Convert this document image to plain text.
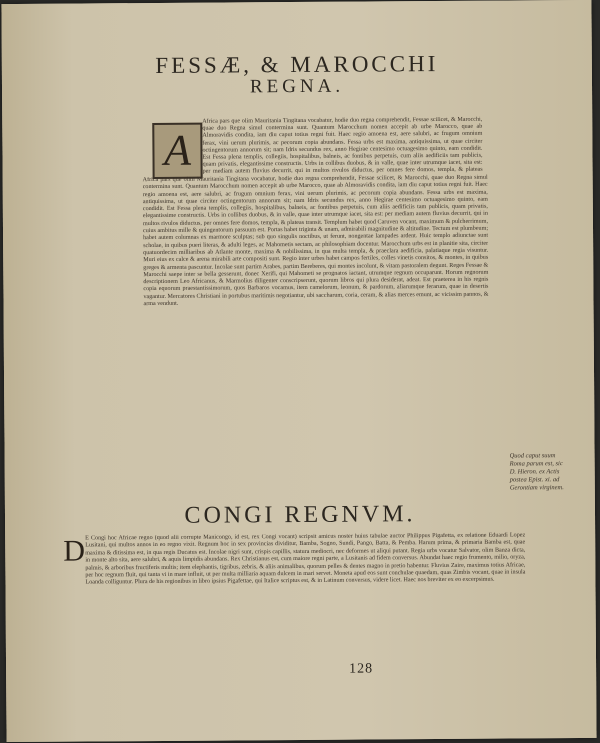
FESSÆ, & MAROCCHI
REGNA.
A

Africa pars que olim Mauritania Tingitana vocabatur, hodie duo regna comprehendit, Fessae scilicet, & Marocchi, quae duo Regna simul contermina sunt. Quantum Marocchum nomen accepit ab urbe Marocco, quae ab Almoravidis condita, iam diu caput totius regni fuit. Haec regio amoena est, aere salubri, ac frugum omnium ferax, vini uerum plurimis, ac pecorum copia abundans. Fessa urbs est maxima, antiquissima, ut quae circiter octingentorum annorum sit; nam Idris secundus rex, anno Hegirae centesimo octuagesimo quinto, eam condidit. Est Fessa plena templis, collegiis, hospitalibus, balneis, ac fontibus perpetuis, cum aliis aedificiis tam publicis, quam privatis, elegantissime constructis. Urbs in collibus duobus, & in valle, quae inter utrumque iacet, sita est: per mediam autem fluvius decurrit, qui in multos rivulos diductus, per omnes fere domos, templa, & plateas

Africa pars que olim Mauritania Tingitana vocabatur, hodie duo regna comprehendit, Fessae scilicet, & Marocchi, quae duo Regna simul contermina sunt. Quantum Marocchum nomen accepit ab urbe Marocco, quae ab Almoravidis condita, iam diu caput totius regni fuit. Haec regio amoena est, aere salubri, ac frugum omnium ferax, vini uerum plurimis, ac pecorum copia abundans. Fessa urbs est maxima, antiquissima, ut quae circiter octingentorum annorum sit; nam Idris secundus rex, anno Hegirae centesimo octuagesimo quinto, eam condidit. Est Fessa plena templis, collegiis, hospitalibus, balneis, ac fontibus perpetuis, cum aliis aedificiis tam publicis, quam privatis, elegantissime constructis. Urbs in collibus duobus, & in valle, quae inter utrumque iacet, sita est: per mediam autem fluvius decurrit, qui in multos rivulos diductus, per omnes fere domos, templa, & plateas transit. Templum habet quod Caruven vocant, maximum & pulcherrimum, cuius ambitus mille & quingentorum passuum est. Portas habet triginta & unam, admirabili magnitudine & altitudine. Tectum est plumbeum; habet autem columnas ex marmore sculptas; sub quo singulis noctibus, ut ferunt, nongentae lampades ardent. Huic templo adiunctae sunt scholae, in quibus pueri literas, & adulti leges, ac Mahometis sectam, ac philosophiam docentur. Marocchum urbs est in planitie sita, circiter quatuordecim milliaribus ab Atlante monte, maxima & nobilissima, in qua multa templa, & praeclara aedificia, palatiaque regia visuntur. Muri eius ex calce & arena mirabili arte compositi sunt. Regio inter urbes habet campos fertiles, colles vinetis consitos, & montes, in quibus greges & armenta pascuntur. Incolae sunt partim Arabes, partim Bereberes, qui montes incolunt, & vitam pastoralem degunt. Reges Fessae & Marocchi saepe inter se bella gesserunt, donec Xerifi, qui Mahometi se prognatos iactant, utrumque regnum occuparunt. Horum regnorum descriptionem Leo Africanus, & Marmolius diligenter conscripserunt, quorum libros qui plura desiderat, adeat. Est praeterea in his regnis copia equorum praestantissimorum, quos Barbaros vocamus, item camelorum, leonum, & pardorum, aliarumque ferarum, quae in desertis vagantur. Mercatores Christiani in portubus maritimis negotiantur, ubi saccharum, coria, ceram, & alias merces emunt, ac vicissim pannos, & arma vendunt.

Quod caput suum Roma parum est, sic D. Hieron. ex Actis postea Epist. xi. ad Gerontiam virginem.

CONGI REGNVM.
D E Congi hoc Africae regno (quod alii corrupte Manicongo, id est, rex Congi vocant) scripsit amicus noster huius tabulae auctor Philippus Pigafetta, ex relatione Eduardi Lopez Lusitani, qui multos annos in eo regno vixit. Regnum hoc in sex provincias dividitur, Bamba, Sogno, Sundi, Pango, Batta, & Pemba. Harum prima, & primaria Bamba est, quae maxima & ditissima est, in qua regis Ducatus est. Incolae nigri sunt, crispis capillis, statura mediocri, nec deformes ut aliqui putant. Regia urbs vocatur Salvator, olim Banza dicta, in monte alto sita, aere salubri, & aquis limpidis abundans. Rex Christianus est, cum maiore regni parte, a Lusitanis ad fidem conversus. Abundat haec regio frumento, milio, oryza, palmis, & arboribus fructiferis multis; item elephantis, tigribus, zebris, & aliis animalibus, quorum pelles & dentes magno in pretio habentur. Fluvius Zaire, maximus totius Africae, per hoc regnum fluit, qui tanta vi in mare influit, ut per multa milliaria aquam dulcem in mari servet. Moneta apud eos sunt conchulae quaedam, quas Zimbis vocant, quae in insula Loanda colliguntur. Plura de his regionibus in libro ipsius Pigafettae, qui Italice scriptus est, & in Latinum conversus, videre licet. Haec nos breviter ex eo excerpsimus.

128
